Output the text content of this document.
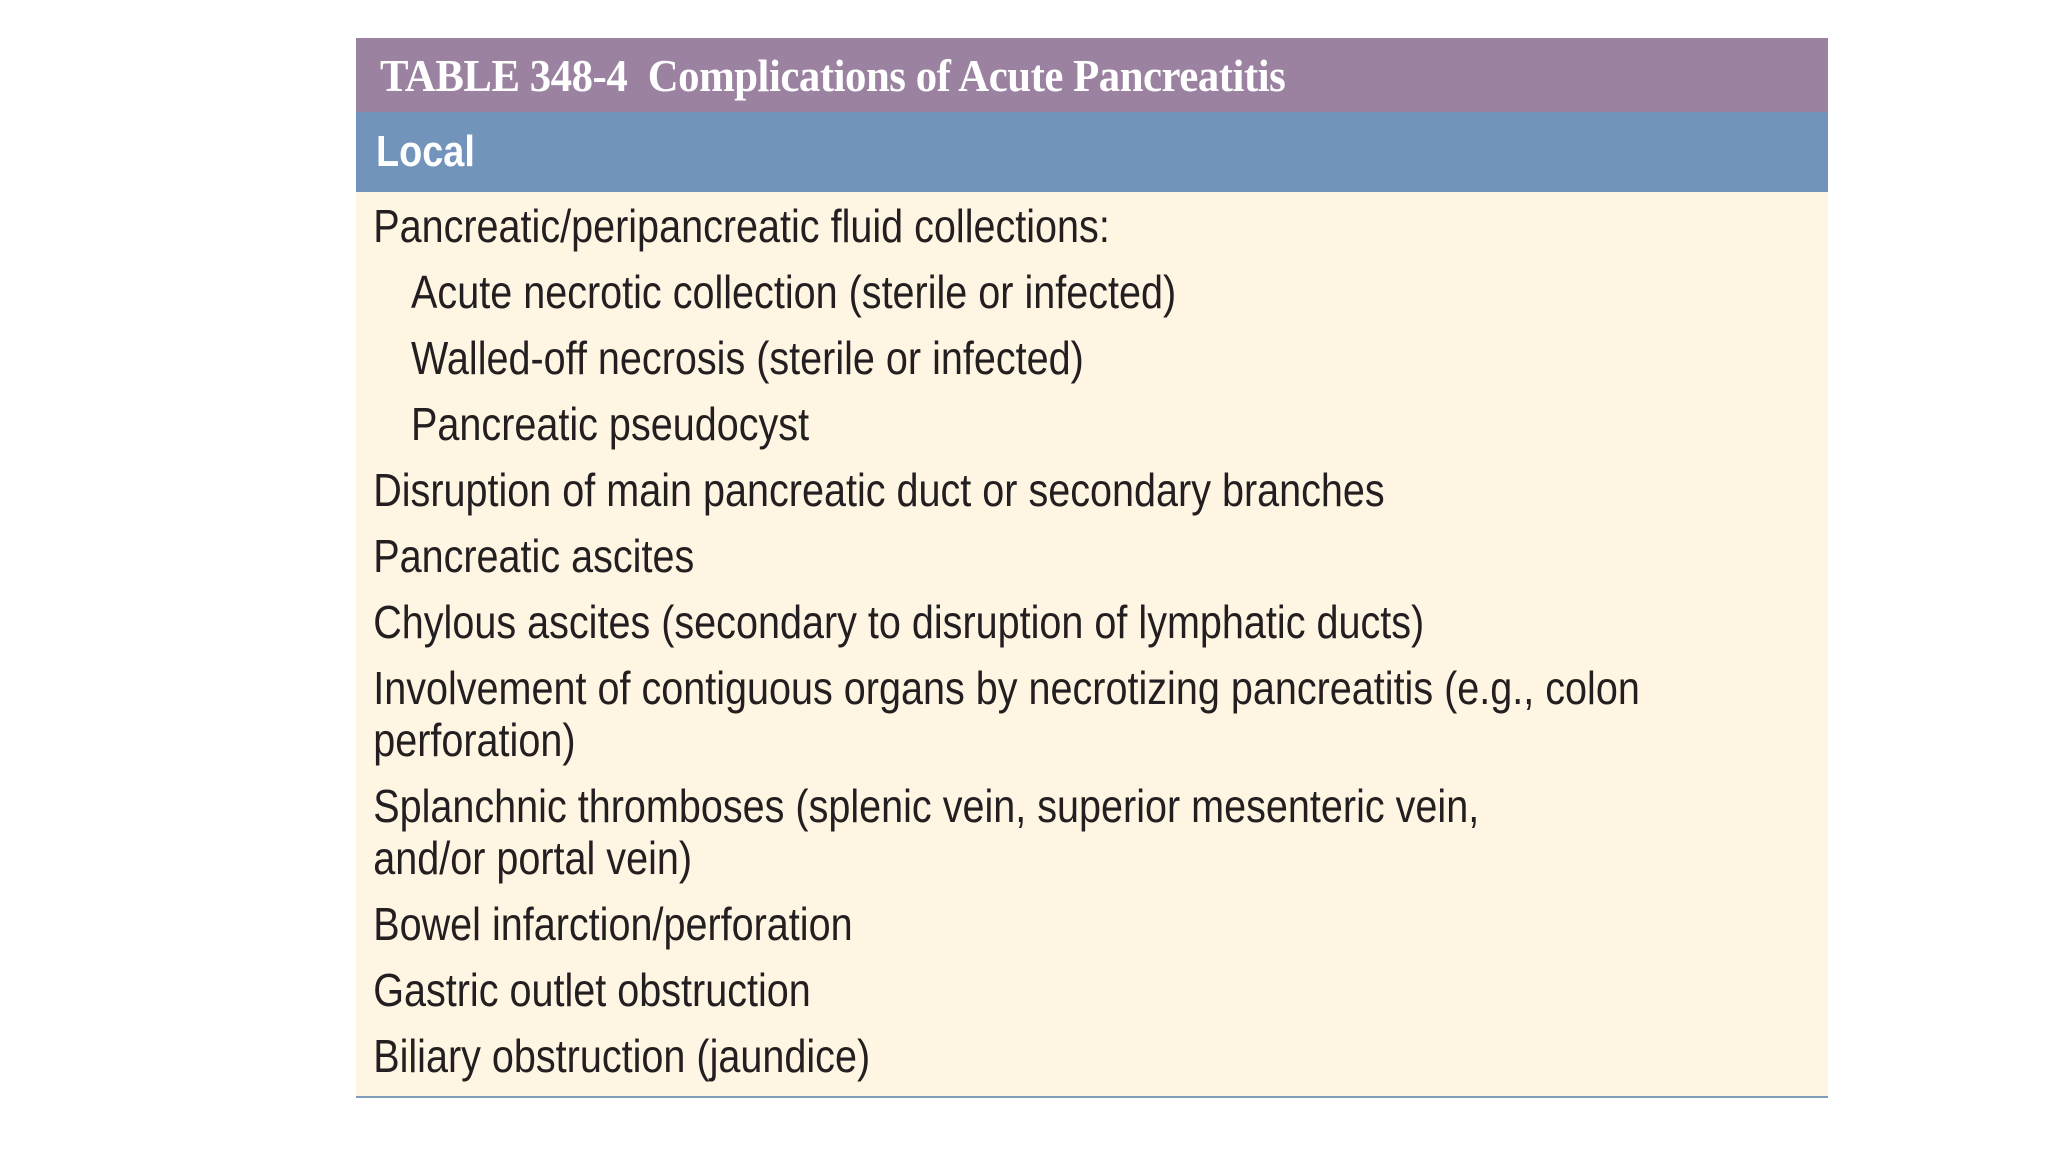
TABLE 348-4 Complications of Acute Pancreatitis
Local
Pancreatic/peripancreatic fluid collections:
Acute necrotic collection (sterile or infected)
Walled-off necrosis (sterile or infected)
Pancreatic pseudocyst
Disruption of main pancreatic duct or secondary branches
Pancreatic ascites
Chylous ascites (secondary to disruption of lymphatic ducts)
Involvement of contiguous organs by necrotizing pancreatitis (e.g., colon
perforation)
Splanchnic thromboses (splenic vein, superior mesenteric vein,
and/or portal vein)
Bowel infarction/perforation
Gastric outlet obstruction
Biliary obstruction (jaundice)
